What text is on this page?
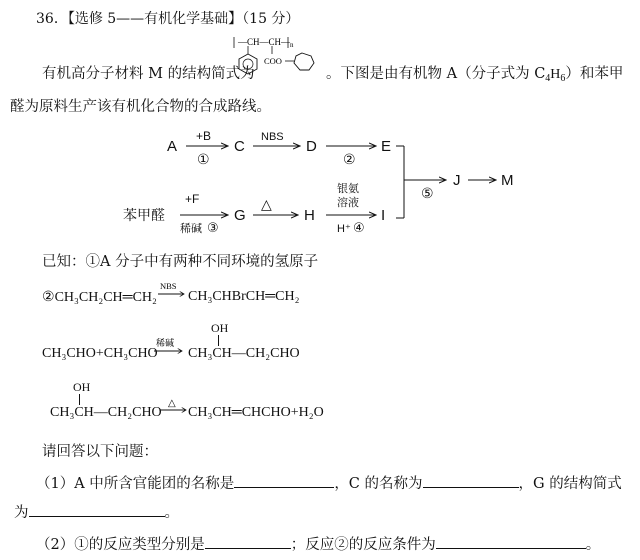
36．【选修 5——有机化学基础】（15 分）
有机高分子材料 M 的结构简式为
—CH—CH— n
COO
。下图是由有机物 A（分子式为 $C_4H_6$）和苯甲
醛为原料生产该有机化合物的合成路线。
A
+B
①
C
NBS
D
②
E
⑤
J	M
苯甲醛
+F
稀碱 ③
G
△
H
银氨
溶液
H⁺ ④
I
已知：①A 分子中有两种不同环境的氢原子
②CH₃CH₂CH═CH₂
NBS
CH₃CHBrCH═CH₂
CH₃CHO+CH₃CHO
稀碱
OH
CH₃CH—CH₂CHO
OH
CH₃CH—CH₂CHO
△
CH₃CH═CHCHO+H₂O
请回答以下问题：
（1）A 中所含官能团的名称是	，C 的名称为	，G 的结构简式
为	。
（2）①的反应类型分别是	；反应②的反应条件为	。
